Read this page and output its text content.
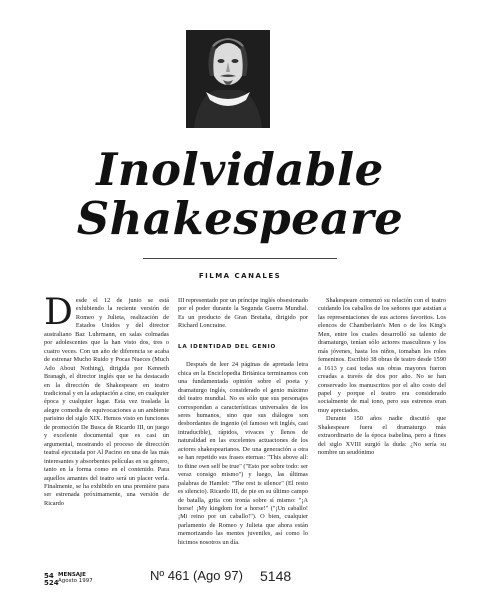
Inolvidable
Shakespeare
FILMA CANALES
Desde el 12 de junio se está exhibiendo la reciente versión de Romeo y Julieta, realización de Estados Unidos y del director australiano Baz Luhrmann, en salas colmadas por adolescentes que la han visto dos, tres o cuatro veces. Con un año de diferencia se acaba de estrenar Mucho Ruido y Pocas Nueces (Much Ado About Nothing), dirigida por Kenneth Branagh, el director inglés que se ha destacado en la dirección de Shakespeare en teatro tradicional y en la adaptación a cine, en cualquier época y cualquier lugar. Esta vez traslada la alegre comedia de equivocaciones a un ambiente parisino del siglo XIX. Hemos visto en funciones de promoción De Busca de Ricardo III, un juego y excelente documental que es casi un argumental, mostrando el proceso de dirección teatral ejecutada por Al Pacino en una de las más interesantes y absorbentes películas en su género, tanto en la forma como en el contenido. Para aquellos amantes del teatro será un placer verla. Finalmente, se ha exhibido en una première para ser estrenada próximamente, una versión de Ricardo

III representado por un príncipe inglés obsesionado por el poder durante la Segunda Guerra Mundial. Es un producto de Gran Bretaña, dirigido por Richard Loncraine.

LA IDENTIDAD DEL GENIO

Después de leer 24 páginas de apretada letra chica en la Enciclopedia Británica terminamos con una fundamentada opinión sobre el poeta y dramaturgo inglés, considerado el genio máximo del teatro mundial. No es sólo que sus personajes correspondan a características universales de los seres humanos, sino que sus diálogos son desbordantes de ingenio (el famoso wit inglés, casi intraducible), rápidos, vivaces y llenos de naturalidad en las excelentes actuaciones de los actores shakespearianos. De una generación a otra se han repetido sus frases eternas: "This above all: to thine own self be true" ("Esto por sobre todo: ser veraz consigo mismo") y luego, las últimas palabras de Hamlet: "The rest is silence" (El resto es silencio). Ricardo III, de pie en su último campo de batalla, grita con ironía sobre sí mismo: "¡A horse! ¡My kingdom for a horse!" ("¡Un caballo! ¡Mi reino por un caballo!"). O bien, cualquier parlamento de Romeo y Julieta que ahora están memorizando las mentes juveniles, así como lo hicimos nosotros un día.

Shakespeare comenzó su relación con el teatro cuidando los caballos de los señores que asistían a las representaciones de sus actores favoritos. Los elencos de Chamberlain's Men o de los King's Men, entre los cuales desarrolló su talento de dramaturgo, tenían sólo actores masculinos y los más jóvenes, hasta los niños, tomaban los roles femeninos. Escribió 38 obras de teatro desde 1590 a 1613 y casi todas sus obras mayores fueron creadas a través de dos por año. No se han conservado los manuscritos por el alto costo del papel y porque el teatro era considerado socialmente de mal tono, pero sus estrenos eran muy apreciados.

Durante 150 años nadie discutió que Shakespeare fuera el dramaturgo más extraordinario de la época isabelina, pero a fines del siglo XVIII surgió la duda: ¿No sería su nombre un seudónimo

54
524
MENSAJE
Agosto 1997	Nº 461 (Ago 97) 5148
